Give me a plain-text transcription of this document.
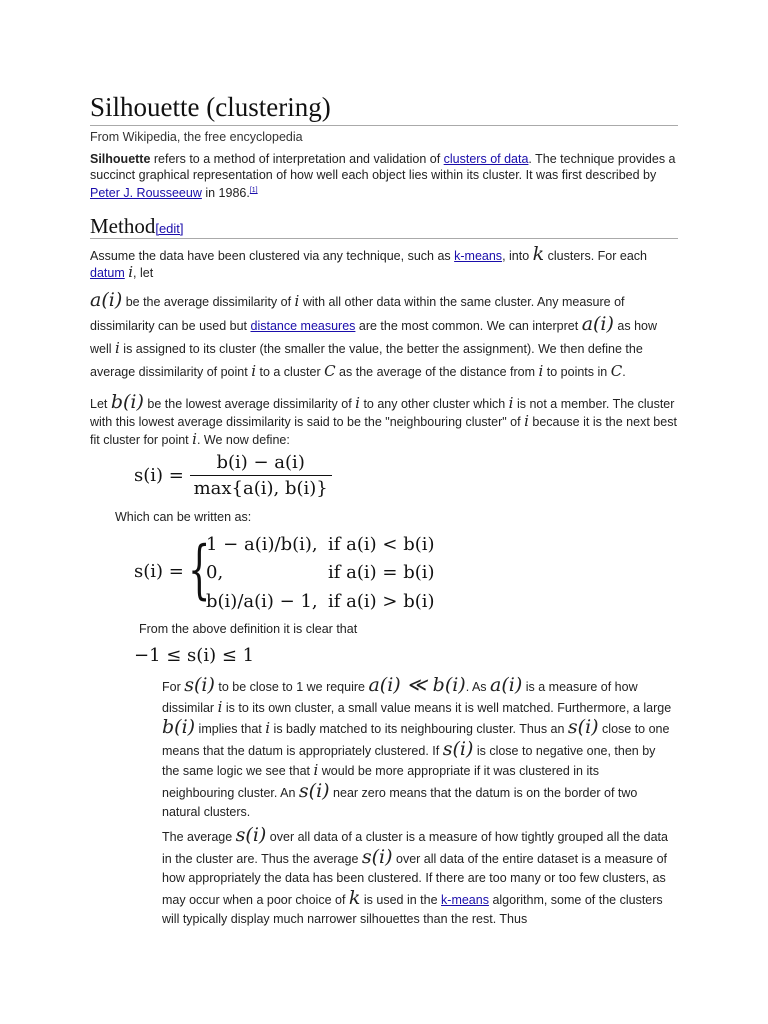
Silhouette (clustering)
From Wikipedia, the free encyclopedia
Silhouette refers to a method of interpretation and validation of clusters of data. The technique provides a succinct graphical representation of how well each object lies within its cluster. It was first described by Peter J. Rousseeuw in 1986.[1]
Method[edit]
Assume the data have been clustered via any technique, such as k-means, into k clusters. For each datum i, let
a(i) be the average dissimilarity of i with all other data within the same cluster. Any measure of dissimilarity can be used but distance measures are the most common. We can interpret a(i) as how well i is assigned to its cluster (the smaller the value, the better the assignment). We then define the average dissimilarity of point i to a cluster C as the average of the distance from i to points in C.
Let b(i) be the lowest average dissimilarity of i to any other cluster which i is not a member. The cluster with this lowest average dissimilarity is said to be the "neighbouring cluster" of i because it is the next best fit cluster for point i. We now define:
$s(i) = \frac{b(i) - a(i)}{\max\{a(i), b(i)\}}$
Which can be written as:
s(i) = {
1 − a(i)/b(i), if a(i) < b(i)
0,	if a(i) = b(i)
b(i)/a(i) − 1, if a(i) > b(i)
From the above definition it is clear that
−1 ≤ s(i) ≤ 1
For s(i) to be close to 1 we require a(i) ≪ b(i). As a(i) is a measure of how dissimilar i is to its own cluster, a small value means it is well matched. Furthermore, a large b(i) implies that i is badly matched to its neighbouring cluster. Thus an s(i) close to one means that the datum is appropriately clustered. If s(i) is close to negative one, then by the same logic we see that i would be more appropriate if it was clustered in its neighbouring cluster. An s(i) near zero means that the datum is on the border of two natural clusters.
The average s(i) over all data of a cluster is a measure of how tightly grouped all the data in the cluster are. Thus the average s(i) over all data of the entire dataset is a measure of how appropriately the data has been clustered. If there are too many or too few clusters, as may occur when a poor choice of k is used in the k-means algorithm, some of the clusters will typically display much narrower silhouettes than the rest. Thus
